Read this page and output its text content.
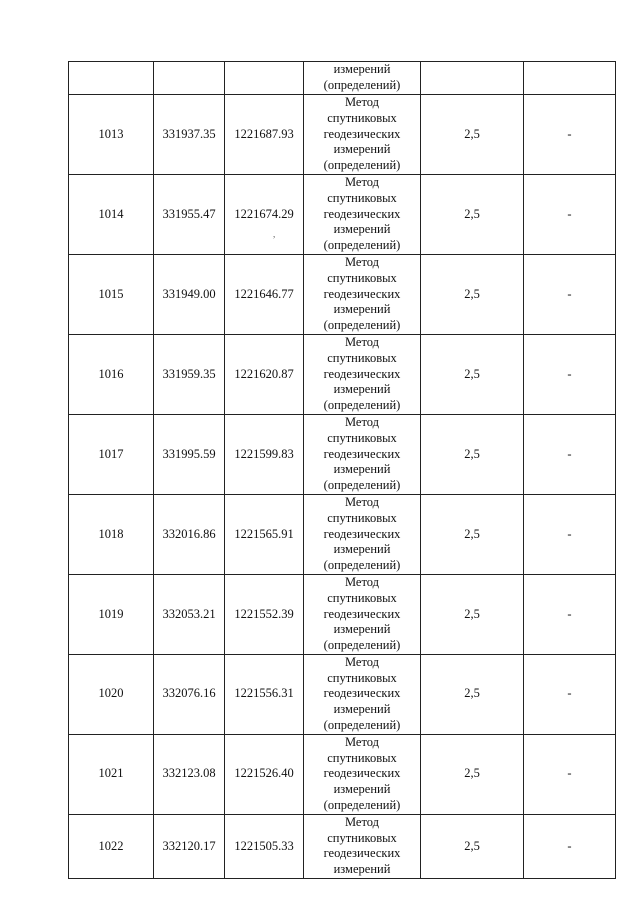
			измерений
(определений)		

1013	331937.35	1221687.93	Метод
спутниковых
геодезических
измерений
(определений)	2,5	-
1014	331955.47	1221674.29	Метод
спутниковых
геодезических
измерений
(определений)	2,5	-
1015	331949.00	1221646.77	Метод
спутниковых
геодезических
измерений
(определений)	2,5	-
1016	331959.35	1221620.87	Метод
спутниковых
геодезических
измерений
(определений)	2,5	-
1017	331995.59	1221599.83	Метод
спутниковых
геодезических
измерений
(определений)	2,5	-
1018	332016.86	1221565.91	Метод
спутниковых
геодезических
измерений
(определений)	2,5	-
1019	332053.21	1221552.39	Метод
спутниковых
геодезических
измерений
(определений)	2,5	-
1020	332076.16	1221556.31	Метод
спутниковых
геодезических
измерений
(определений)	2,5	-
1021	332123.08	1221526.40	Метод
спутниковых
геодезических
измерений
(определений)	2,5	-
1022	332120.17	1221505.33	Метод
спутниковых
геодезических
измерений	2,5	-
,
